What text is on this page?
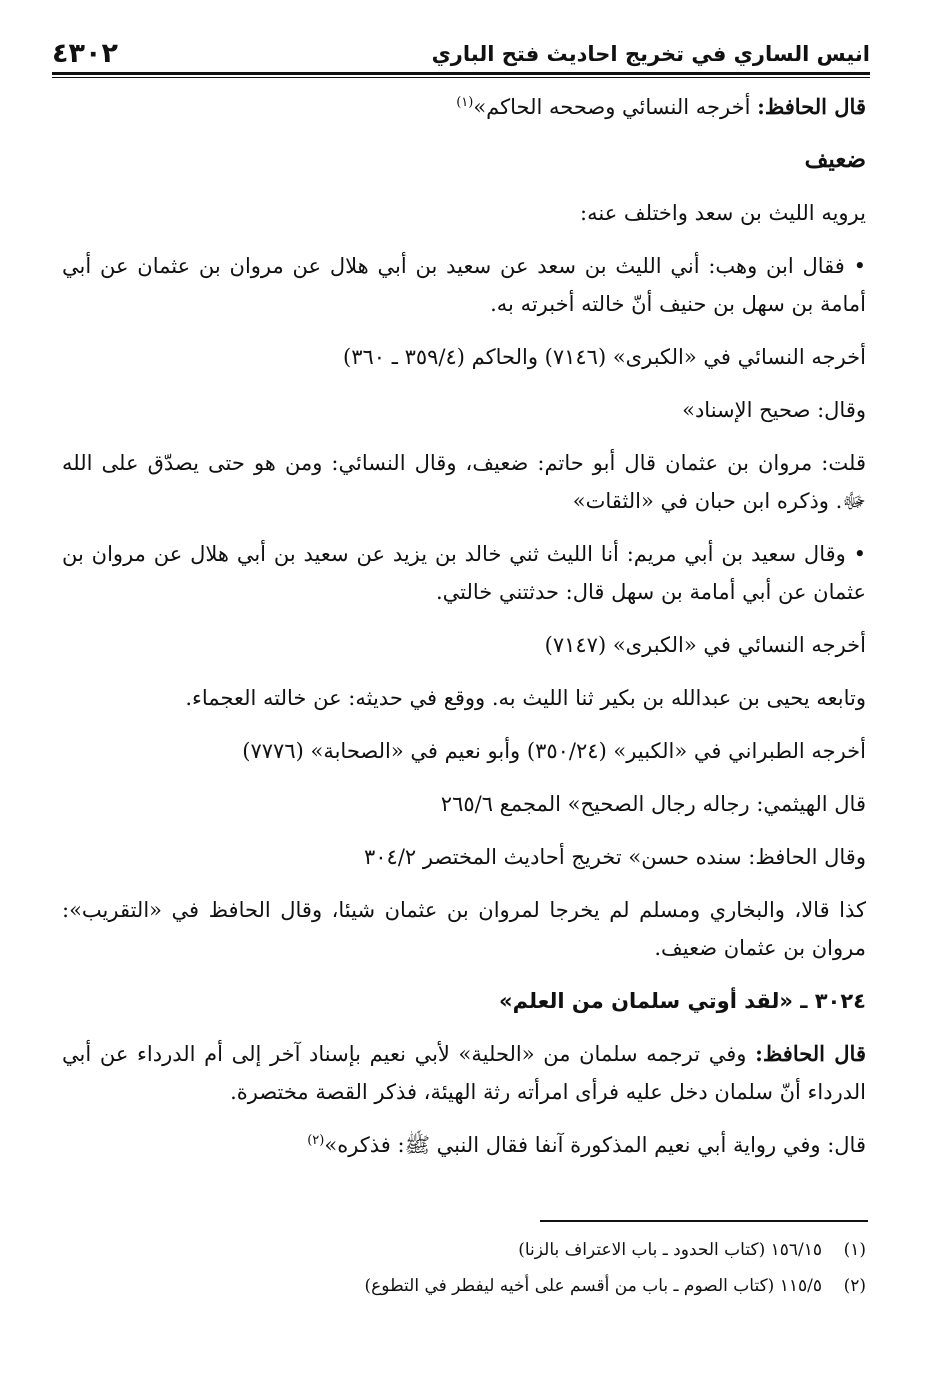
انيس الساري في تخريج احاديث فتح الباري
٤٣٠٢

قال الحافظ: أخرجه النسائي وصححه الحاكم»$^{(١)}$

ضعيف

يرويه الليث بن سعد واختلف عنه:

• فقال ابن وهب: أني الليث بن سعد عن سعيد بن أبي هلال عن مروان بن عثمان عن أبي أمامة بن سهل بن حنيف أنّ خالته أخبرته به.

أخرجه النسائي في «الكبرى» (٧١٤٦) والحاكم (٣٥٩/٤ ـ ٣٦٠)

وقال: صحيح الإسناد»

قلت: مروان بن عثمان قال أبو حاتم: ضعيف، وقال النسائي: ومن هو حتى يصدّق على الله ﷻ. وذكره ابن حبان في «الثقات»

• وقال سعيد بن أبي مريم: أنا الليث ثني خالد بن يزيد عن سعيد بن أبي هلال عن مروان بن عثمان عن أبي أمامة بن سهل قال: حدثتني خالتي.

أخرجه النسائي في «الكبرى» (٧١٤٧)

وتابعه يحيى بن عبدالله بن بكير ثنا الليث به. ووقع في حديثه: عن خالته العجماء.

أخرجه الطبراني في «الكبير» (٣٥٠/٢٤) وأبو نعيم في «الصحابة» (٧٧٧٦)

قال الهيثمي: رجاله رجال الصحيح» المجمع ٢٦٥/٦

وقال الحافظ: سنده حسن» تخريج أحاديث المختصر ٣٠٤/٢

كذا قالا، والبخاري ومسلم لم يخرجا لمروان بن عثمان شيئا، وقال الحافظ في «التقريب»: مروان بن عثمان ضعيف.

٣٠٢٤ ـ «لقد أوتي سلمان من العلم»

قال الحافظ: وفي ترجمه سلمان من «الحلية» لأبي نعيم بإسناد آخر إلى أم الدرداء عن أبي الدرداء أنّ سلمان دخل عليه فرأى امرأته رثة الهيئة، فذكر القصة مختصرة.

قال: وفي رواية أبي نعيم المذكورة آنفا فقال النبي ﷺ: فذكره»$^{(٢)}$

(١)
١٥٦/١٥ (كتاب الحدود ـ باب الاعتراف بالزنا)

(٢)
١١٥/٥ (كتاب الصوم ـ باب من أقسم على أخيه ليفطر في التطوع)
